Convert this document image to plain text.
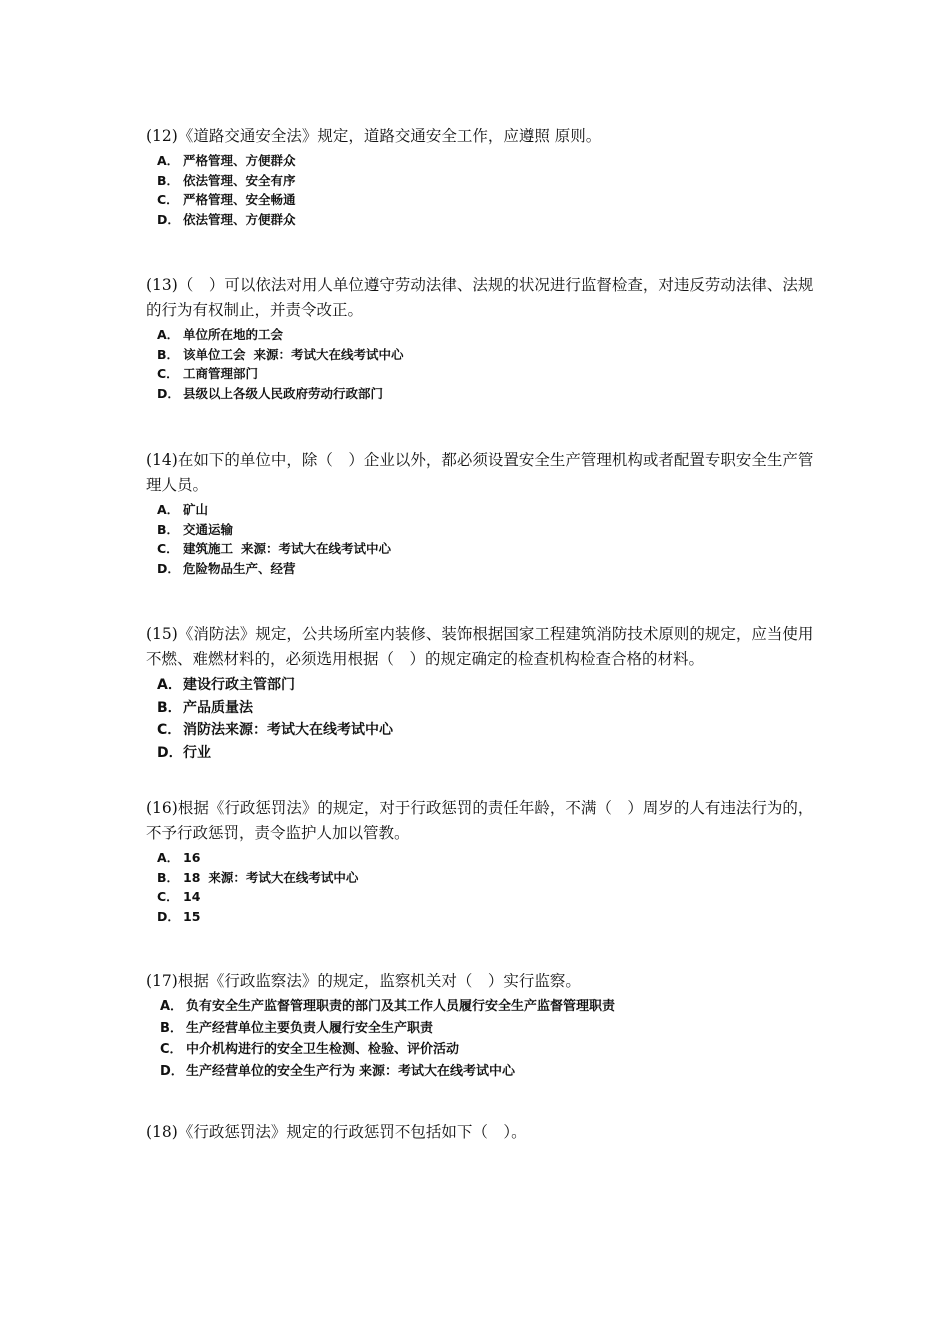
(12)《道路交通安全法》规定，道路交通安全工作，应遵照 原则。

A． 严格管理、方便群众
B． 依法管理、安全有序
C． 严格管理、安全畅通
D． 依法管理、方便群众

(13)（　）可以依法对用人单位遵守劳动法律、法规的状况进行监督检查，对违反劳动法律、法规的行为有权制止，并责令改正。

A． 单位所在地的工会
B． 该单位工会 来源：考试大在线考试中心
C． 工商管理部门
D． 县级以上各级人民政府劳动行政部门

(14)在如下的单位中，除（　）企业以外，都必须设置安全生产管理机构或者配置专职安全生产管理人员。

A． 矿山
B． 交通运输
C． 建筑施工 来源：考试大在线考试中心
D． 危险物品生产、经营

(15)《消防法》规定，公共场所室内装修、装饰根据国家工程建筑消防技术原则的规定，应当使用不燃、难燃材料的，必须选用根据（　）的规定确定的检查机构检查合格的材料。

A．建设行政主管部门
B．产品质量法
C． 消防法来源：考试大在线考试中心
D．行业

(16)根据《行政惩罚法》的规定，对于行政惩罚的责任年龄，不满（　）周岁的人有违法行为的，不予行政惩罚，责令监护人加以管教。

A． 16
B． 18 来源：考试大在线考试中心
C． 14
D． 15

(17)根据《行政监察法》的规定，监察机关对（　）实行监察。

A． 负有安全生产监督管理职责的部门及其工作人员履行安全生产监督管理职责
B． 生产经营单位主要负责人履行安全生产职责
C． 中介机构进行的安全卫生检测、检验、评价活动
D． 生产经营单位的安全生产行为 来源：考试大在线考试中心

(18)《行政惩罚法》规定的行政惩罚不包括如下（　）。
